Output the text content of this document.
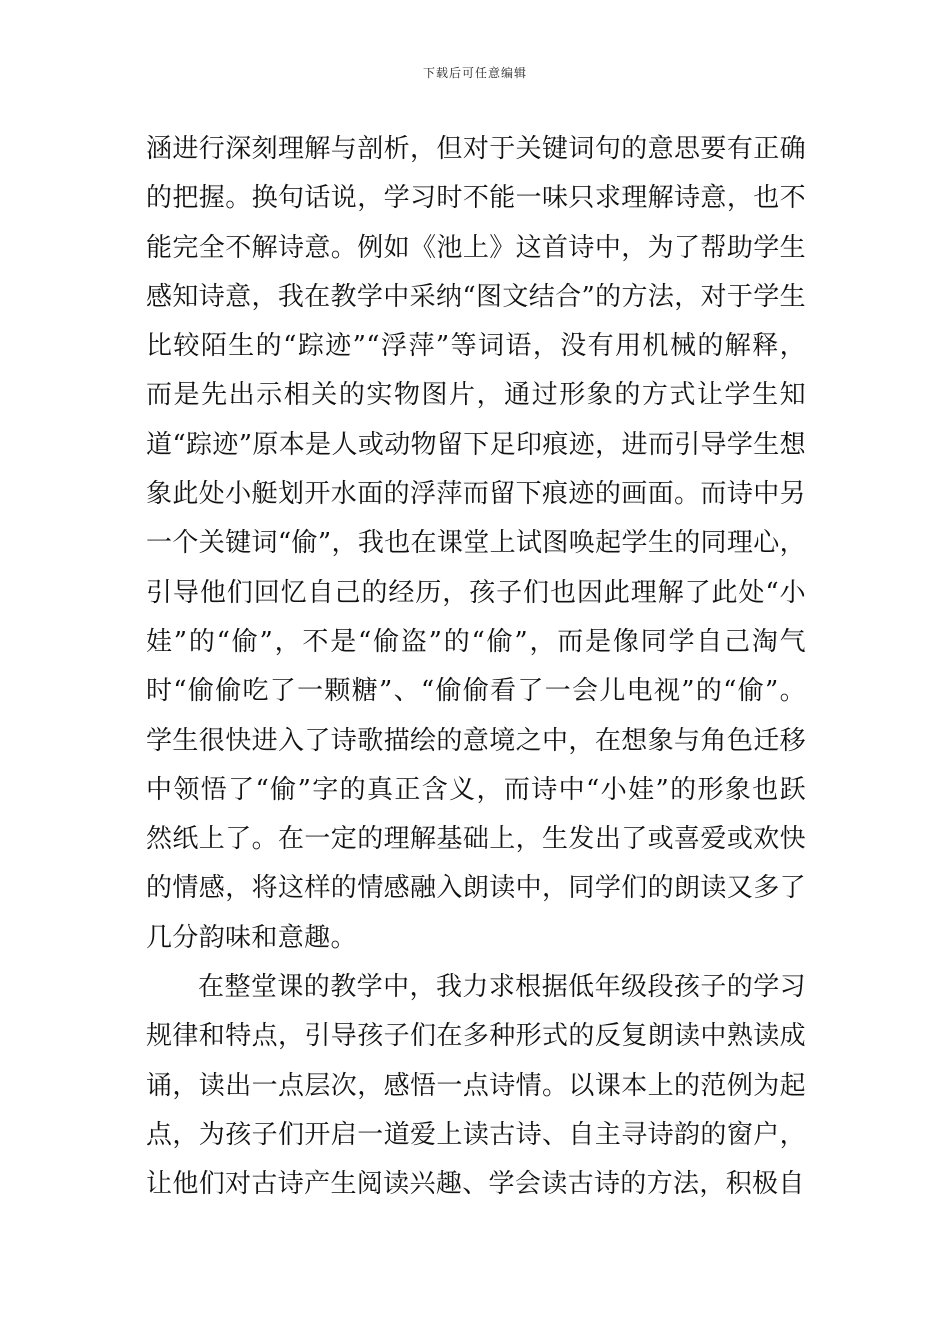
下载后可任意编辑

涵进行深刻理解与剖析，但对于关键词句的意思要有正确的把握。换句话说，学习时不能一味只求理解诗意，也不能完全不解诗意。例如《池上》这首诗中，为了帮助学生感知诗意，我在教学中采纳“图文结合”的方法，对于学生比较陌生的“踪迹”“浮萍”等词语，没有用机械的解释，而是先出示相关的实物图片，通过形象的方式让学生知道“踪迹”原本是人或动物留下足印痕迹，进而引导学生想象此处小艇划开水面的浮萍而留下痕迹的画面。而诗中另一个关键词“偷”，我也在课堂上试图唤起学生的同理心，引导他们回忆自己的经历，孩子们也因此理解了此处“小娃”的“偷”，不是“偷盗”的“偷”，而是像同学自己淘气时“偷偷吃了一颗糖”、“偷偷看了一会儿电视”的“偷”。学生很快进入了诗歌描绘的意境之中，在想象与角色迁移中领悟了“偷”字的真正含义，而诗中“小娃”的形象也跃然纸上了。在一定的理解基础上，生发出了或喜爱或欢快的情感，将这样的情感融入朗读中，同学们的朗读又多了几分韵味和意趣。

在整堂课的教学中，我力求根据低年级段孩子的学习规律和特点，引导孩子们在多种形式的反复朗读中熟读成诵，读出一点层次，感悟一点诗情。以课本上的范例为起点，为孩子们开启一道爱上读古诗、自主寻诗韵的窗户，让他们对古诗产生阅读兴趣、学会读古诗的方法，积极自
